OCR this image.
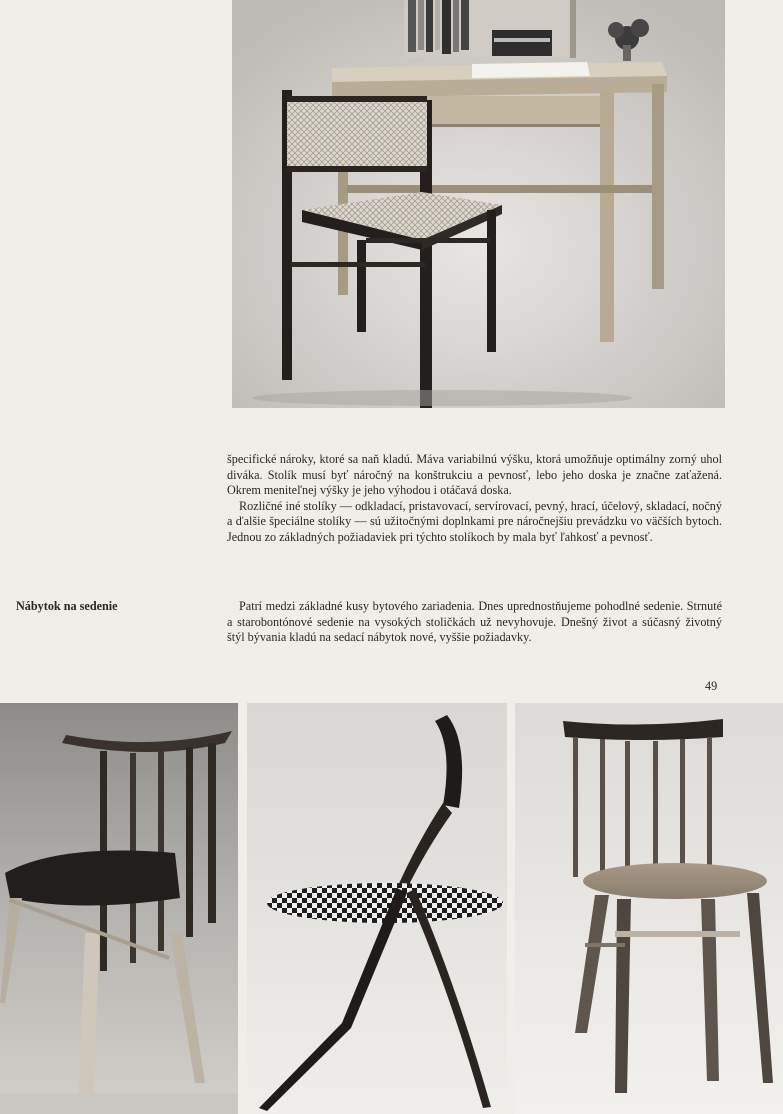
špecifické nároky, ktoré sa naň kladú. Máva variabilnú výšku, ktorá umožňuje optimálny zorný uhol diváka. Stolík musí byť náročný na konštrukciu a pevnosť, lebo jeho doska je značne zaťažená. Okrem meniteľnej výšky je jeho výhodou i otáčavá doska.

Rozličné iné stolíky — odkladací, pristavovací, servírovací, pevný, hrací, účelový, skladací, nočný a ďalšie špeciálne stolíky — sú užitočnými doplnkami pre náročnejšiu prevádzku vo väčších bytoch. Jednou zo základných požiadaviek pri týchto stolíkoch by mala byť ľahkosť a pevnosť.

Nábytok na sedenie	Patrí medzi základné kusy bytového zariadenia. Dnes uprednostňujeme pohodlné sedenie. Strnuté a starobontónové sedenie na vysokých stoličkách už nevyhovuje. Dnešný život a súčasný životný štýl bývania kladú na sedací nábytok nové, vyššie požiadavky.

49
